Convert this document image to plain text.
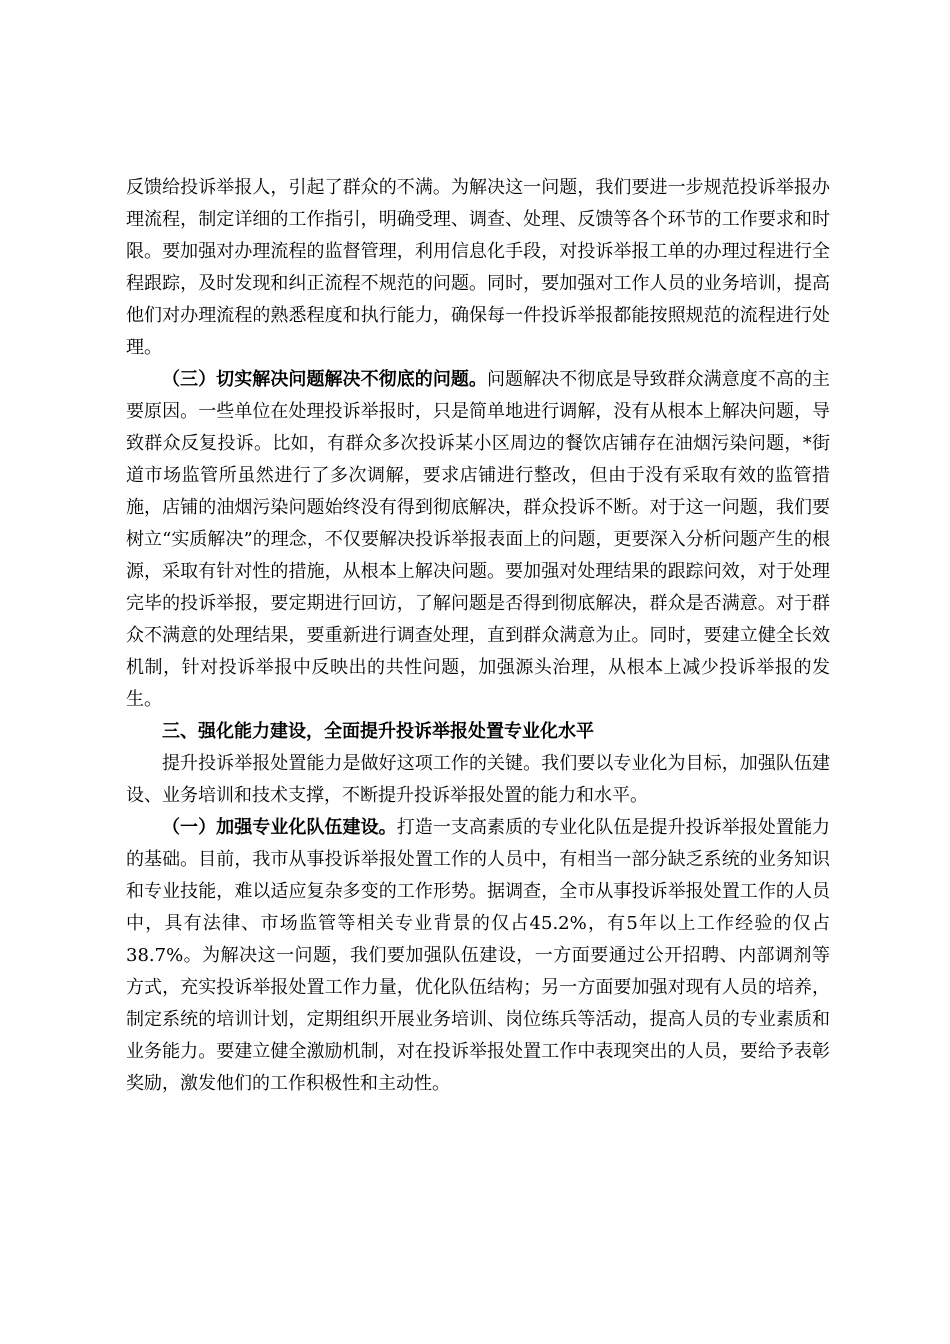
反馈给投诉举报人，引起了群众的不满。为解决这一问题，我们要进一步规范投诉举报办理流程，制定详细的工作指引，明确受理、调查、处理、反馈等各个环节的工作要求和时限。要加强对办理流程的监督管理，利用信息化手段，对投诉举报工单的办理过程进行全程跟踪，及时发现和纠正流程不规范的问题。同时，要加强对工作人员的业务培训，提高他们对办理流程的熟悉程度和执行能力，确保每一件投诉举报都能按照规范的流程进行处理。

（三）切实解决问题解决不彻底的问题。问题解决不彻底是导致群众满意度不高的主要原因。一些单位在处理投诉举报时，只是简单地进行调解，没有从根本上解决问题，导致群众反复投诉。比如，有群众多次投诉某小区周边的餐饮店铺存在油烟污染问题，*街道市场监管所虽然进行了多次调解，要求店铺进行整改，但由于没有采取有效的监管措施，店铺的油烟污染问题始终没有得到彻底解决，群众投诉不断。对于这一问题，我们要树立“实质解决”的理念，不仅要解决投诉举报表面上的问题，更要深入分析问题产生的根源，采取有针对性的措施，从根本上解决问题。要加强对处理结果的跟踪问效，对于处理完毕的投诉举报，要定期进行回访，了解问题是否得到彻底解决，群众是否满意。对于群众不满意的处理结果，要重新进行调查处理，直到群众满意为止。同时，要建立健全长效机制，针对投诉举报中反映出的共性问题，加强源头治理，从根本上减少投诉举报的发生。

三、强化能力建设，全面提升投诉举报处置专业化水平

提升投诉举报处置能力是做好这项工作的关键。我们要以专业化为目标，加强队伍建设、业务培训和技术支撑，不断提升投诉举报处置的能力和水平。

（一）加强专业化队伍建设。打造一支高素质的专业化队伍是提升投诉举报处置能力的基础。目前，我市从事投诉举报处置工作的人员中，有相当一部分缺乏系统的业务知识和专业技能，难以适应复杂多变的工作形势。据调查，全市从事投诉举报处置工作的人员中，具有法律、市场监管等相关专业背景的仅占45.2%，有5年以上工作经验的仅占38.7%。为解决这一问题，我们要加强队伍建设，一方面要通过公开招聘、内部调剂等方式，充实投诉举报处置工作力量，优化队伍结构；另一方面要加强对现有人员的培养，制定系统的培训计划，定期组织开展业务培训、岗位练兵等活动，提高人员的专业素质和业务能力。要建立健全激励机制，对在投诉举报处置工作中表现突出的人员，要给予表彰奖励，激发他们的工作积极性和主动性。
